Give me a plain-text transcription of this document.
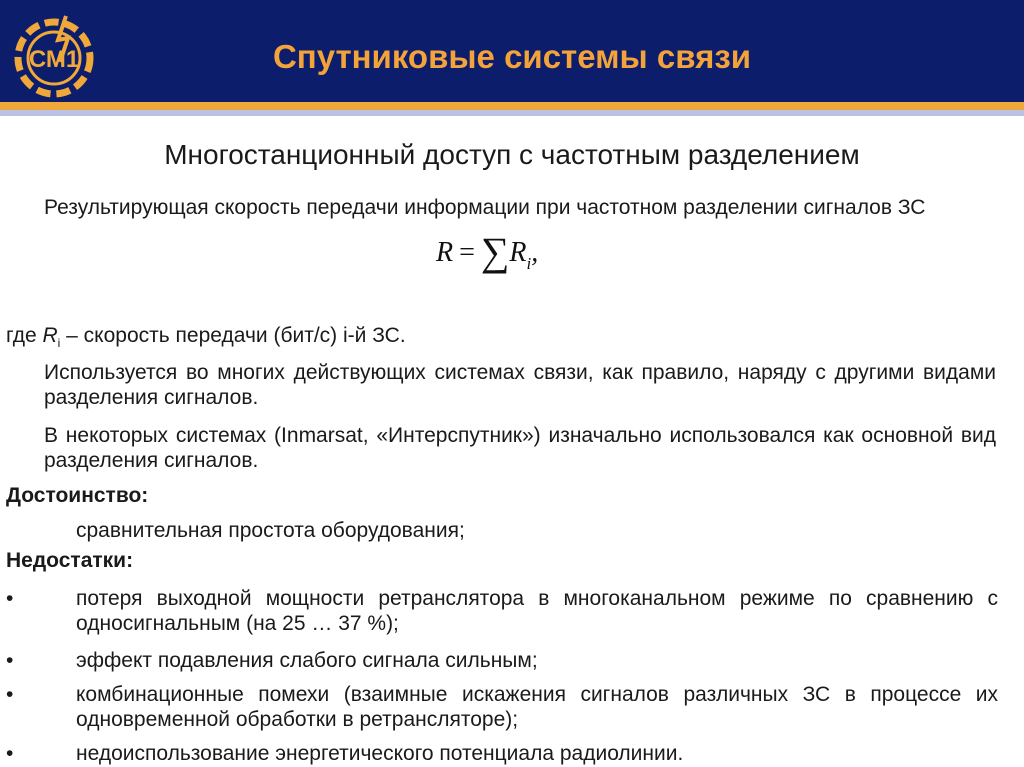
СМ1	Спутниковые системы связи
Многостанционный доступ с частотным разделением
Результирующая скорость передачи информации при частотном разделении сигналов ЗС
$R = \sum R_i$,
где $R_i$ – скорость передачи (бит/с) i-й ЗС.
Используется во многих действующих системах связи, как правило, наряду с другими видами разделения сигналов.
В некоторых системах (Inmarsat, «Интерспутник») изначально использовался как основной вид разделения сигналов.
Достоинство:
сравнительная простота оборудования;
Недостатки:
•	потеря выходной мощности ретранслятора в многоканальном режиме по сравнению с односигнальным (на 25 … 37 %);
•	эффект подавления слабого сигнала сильным;
•	комбинационные помехи (взаимные искажения сигналов различных ЗС в процессе их одновременной обработки в ретрансляторе);
•	недоиспользование энергетического потенциала радиолинии.
